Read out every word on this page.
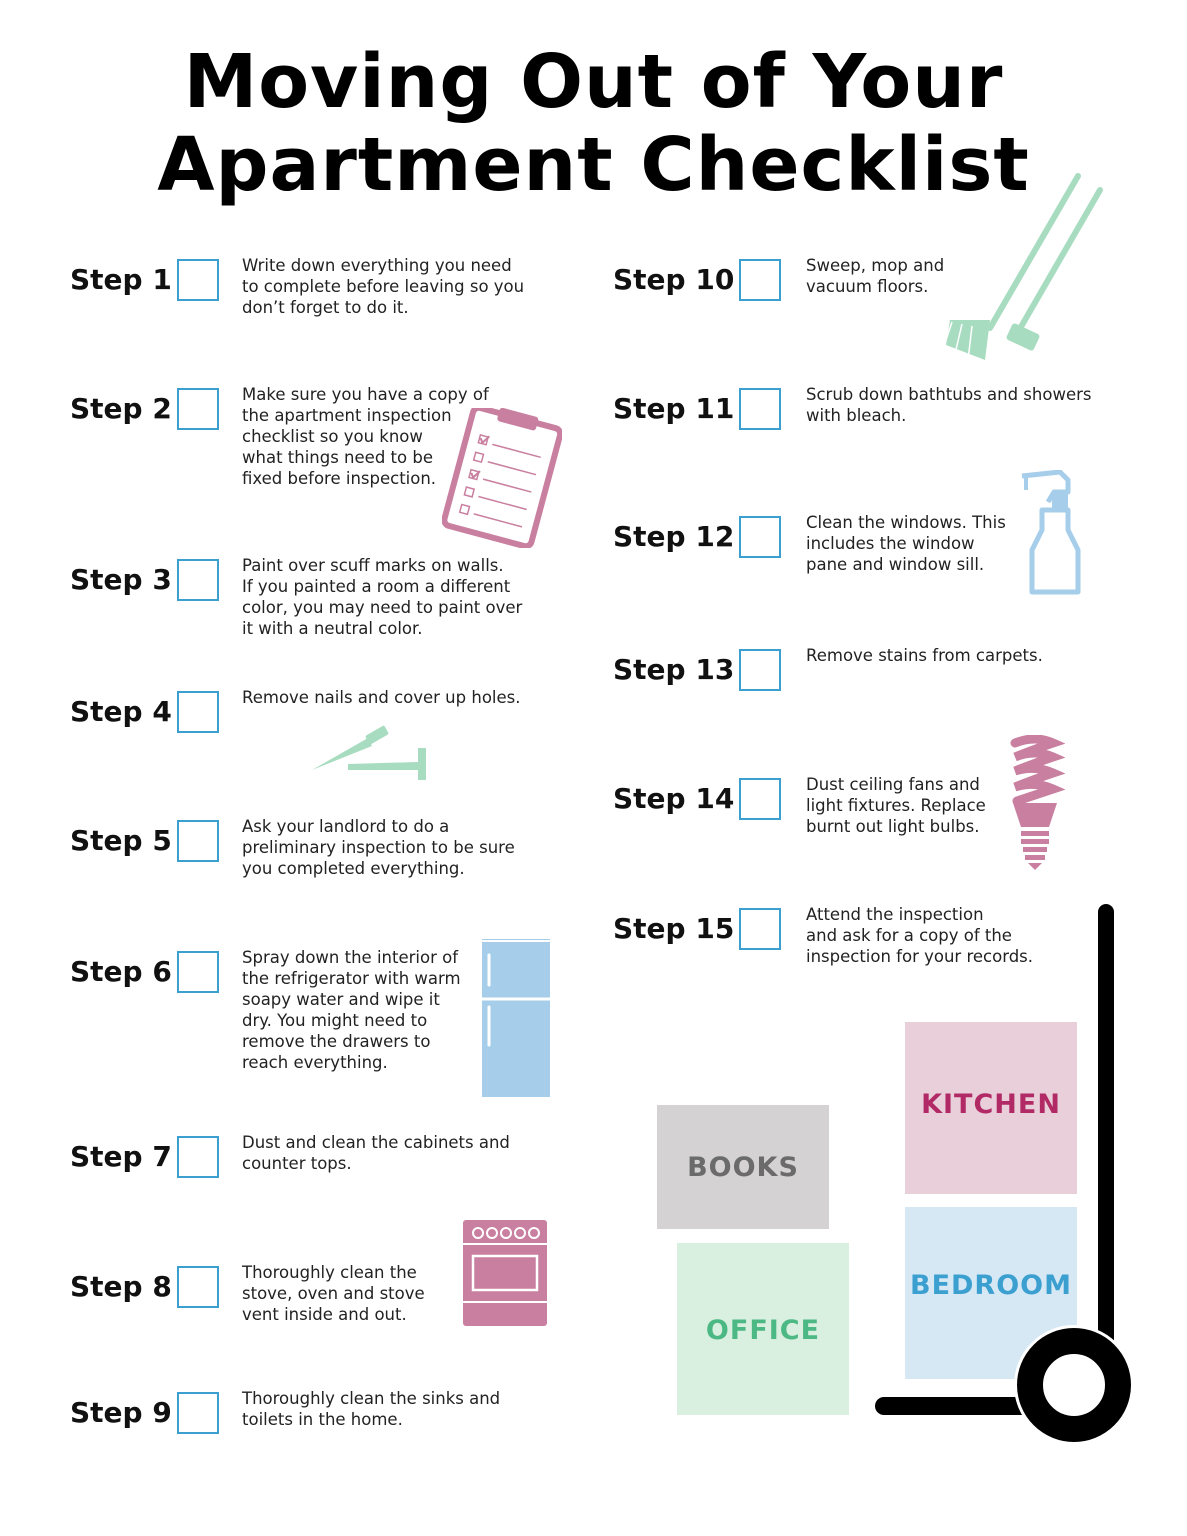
Moving Out of Your
Apartment Checklist
Step 1	Write down everything you need
to complete before leaving so you
don’t forget to do it.
Step 2	Make sure you have a copy of
the apartment inspection
checklist so you know
what things need to be
fixed before inspection.
Step 3	Paint over scuff marks on walls.
If you painted a room a different
color, you may need to paint over
it with a neutral color.
Step 4	Remove nails and cover up holes.
Step 5	Ask your landlord to do a
preliminary inspection to be sure
you completed everything.
Step 6	Spray down the interior of
the refrigerator with warm
soapy water and wipe it
dry. You might need to
remove the drawers to
reach everything.
Step 7	Dust and clean the cabinets and
counter tops.
Step 8	Thoroughly clean the
stove, oven and stove
vent inside and out.
Step 9	Thoroughly clean the sinks and
toilets in the home.
Step 10	Sweep, mop and
vacuum floors.
Step 11	Scrub down bathtubs and showers
with bleach.
Step 12	Clean the windows. This
includes the window
pane and window sill.
Step 13	Remove stains from carpets.
Step 14	Dust ceiling fans and
light fixtures. Replace
burnt out light bulbs.
Step 15	Attend the inspection
and ask for a copy of the
inspection for your records.
BOOKS
KITCHEN
OFFICE
BEDROOM
